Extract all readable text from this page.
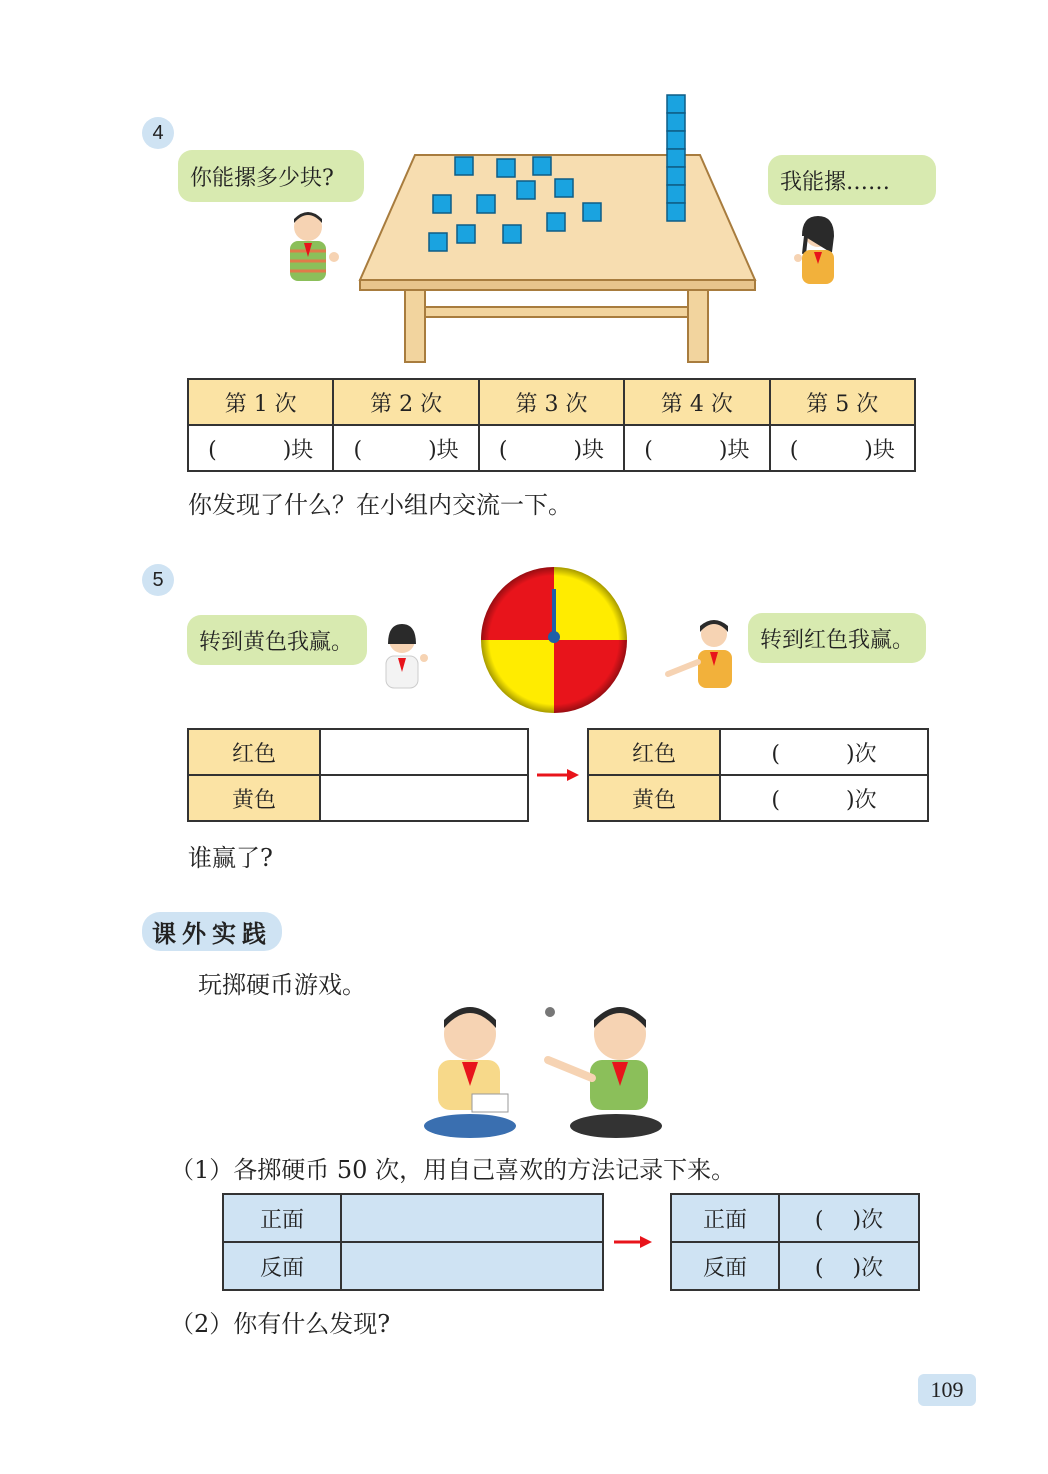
4
你能摞多少块?	我能摞……
第 1 次	第 2 次	第 3 次	第 4 次	第 5 次
(　　　)块	(　　　)块	(　　　)块	(　　　)块	(　　　)块
你发现了什么？在小组内交流一下。
5
转到黄色我赢。	转到红色我赢。
红色	
黄色	
红色	(　　　)次
黄色	(　　　)次
谁赢了?
课外实践
玩掷硬币游戏。
（1）各掷硬币 50 次，用自己喜欢的方法记录下来。
正面	
反面	
正面	(　 )次
反面	(　 )次
（2）你有什么发现?
109
